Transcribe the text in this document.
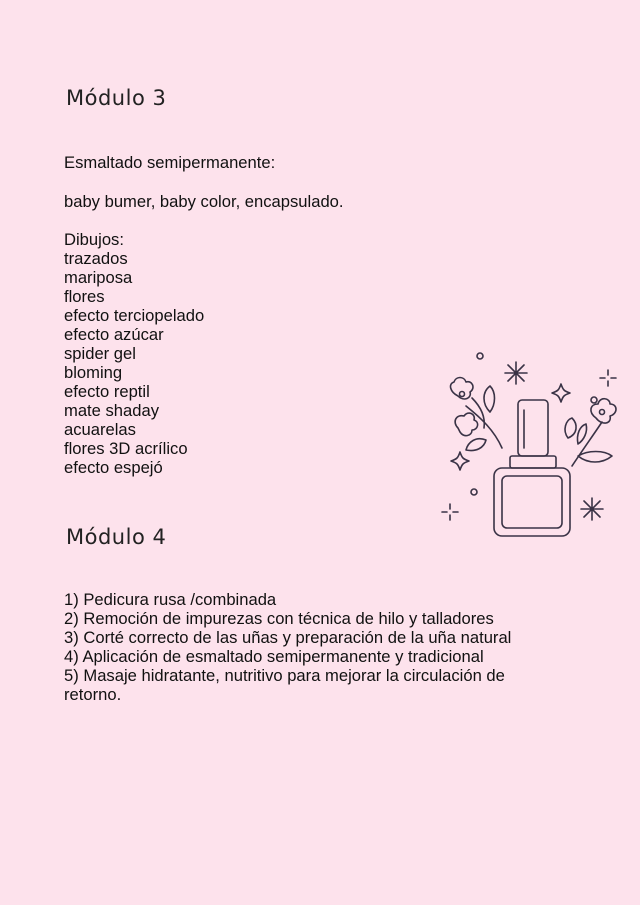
Módulo 3
Esmaltado semipermanente:
baby bumer, baby color, encapsulado.
Dibujos:
trazados
mariposa
flores
efecto terciopelado
efecto azúcar
spider gel
bloming
efecto reptil
mate shaday
acuarelas
flores 3D acrílico
efecto espejó
Módulo 4
1) Pedicura rusa /combinada
2) Remoción de impurezas con técnica de hilo y talladores
3) Corté correcto de las uñas y preparación de la uña natural
4) Aplicación de esmaltado semipermanente y tradicional
5) Masaje hidratante, nutritivo para mejorar la circulación de retorno.
